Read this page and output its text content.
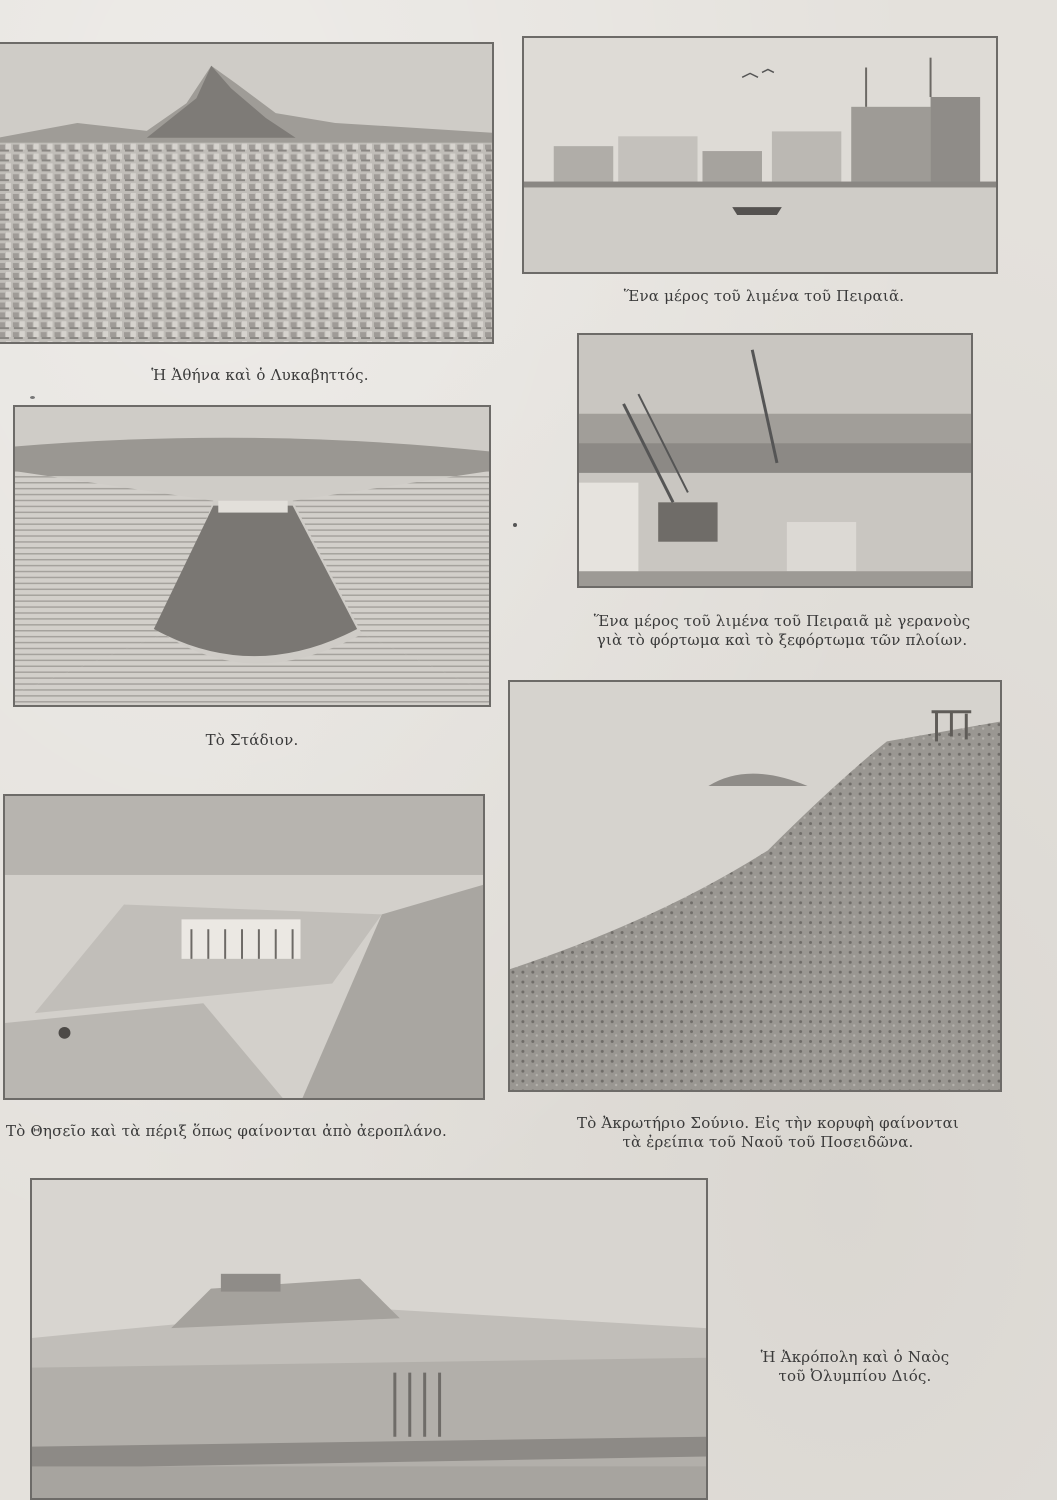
Ἡ Ἀθήνα καὶ ὁ Λυκαβηττός.
Ἕνα μέρος τοῦ λιμένα τοῦ Πειραιᾶ.
Τὸ Στάδιον.
Ἕνα μέρος τοῦ λιμένα τοῦ Πειραιᾶ μὲ γερανοὺς
γιὰ τὸ φόρτωμα καὶ τὸ ξεφόρτωμα τῶν πλοίων.
Τὸ Θησεῖο καὶ τὰ πέριξ ὅπως φαίνονται ἀπὸ ἀεροπλάνο.	Τὸ Ἀκρωτήριο Σούνιο. Εἰς τὴν κορυφὴ φαίνονται
τὰ ἐρείπια τοῦ Ναοῦ τοῦ Ποσειδῶνα.
Ἡ Ἀκρόπολη καὶ ὁ Ναὸς
τοῦ Ὀλυμπίου Διός.
